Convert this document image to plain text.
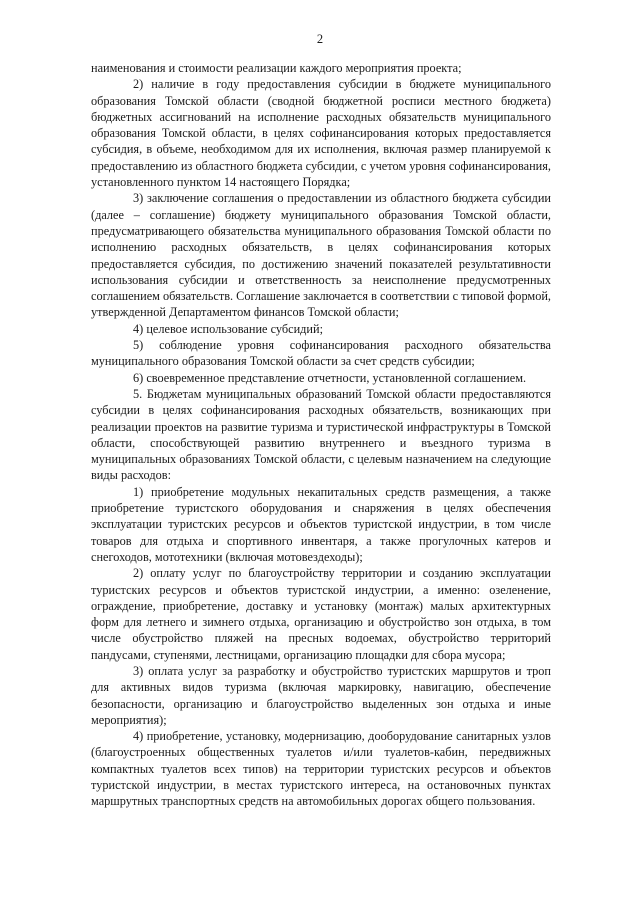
2

наименования и стоимости реализации каждого мероприятия проекта;

2) наличие в году предоставления субсидии в бюджете муниципального образования Томской области (сводной бюджетной росписи местного бюджета) бюджетных ассигнований на исполнение расходных обязательств муниципального образования Томской области, в целях софинансирования которых предоставляется субсидия, в объеме, необходимом для их исполнения, включая размер планируемой к предоставлению из областного бюджета субсидии, с учетом уровня софинансирования, установленного пунктом 14 настоящего Порядка;

3) заключение соглашения о предоставлении из областного бюджета субсидии (далее – соглашение) бюджету муниципального образования Томской области, предусматривающего обязательства муниципального образования Томской области по исполнению расходных обязательств, в целях софинансирования которых предоставляется субсидия, по достижению значений показателей результативности использования субсидии и ответственность за неисполнение предусмотренных соглашением обязательств. Соглашение заключается в соответствии с типовой формой, утвержденной Департаментом финансов Томской области;

4) целевое использование субсидий;

5) соблюдение уровня софинансирования расходного обязательства муниципального образования Томской области за счет средств субсидии;

6) своевременное представление отчетности, установленной соглашением.

5. Бюджетам муниципальных образований Томской области предоставляются субсидии в целях софинансирования расходных обязательств, возникающих при реализации проектов на развитие туризма и туристической инфраструктуры в Томской области, способствующей развитию внутреннего и въездного туризма в муниципальных образованиях Томской области, с целевым назначением на следующие виды расходов:

1) приобретение модульных некапитальных средств размещения, а также приобретение туристского оборудования и снаряжения в целях обеспечения эксплуатации туристских ресурсов и объектов туристской индустрии, в том числе товаров для отдыха и спортивного инвентаря, а также прогулочных катеров и снегоходов, мототехники (включая мотовездеходы);

2) оплату услуг по благоустройству территории и созданию эксплуатации туристских ресурсов и объектов туристской индустрии, а именно: озеленение, ограждение, приобретение, доставку и установку (монтаж) малых архитектурных форм для летнего и зимнего отдыха, организацию и обустройство зон отдыха, в том числе обустройство пляжей на пресных водоемах, обустройство территорий пандусами, ступенями, лестницами, организацию площадки для сбора мусора;

3) оплата услуг за разработку и обустройство туристских маршрутов и троп для активных видов туризма (включая маркировку, навигацию, обеспечение безопасности, организацию и благоустройство выделенных зон отдыха и иные мероприятия);

4) приобретение, установку, модернизацию, дооборудование санитарных узлов (благоустроенных общественных туалетов и/или туалетов-кабин, передвижных компактных туалетов всех типов) на территории туристских ресурсов и объектов туристской индустрии, в местах туристского интереса, на остановочных пунктах маршрутных транспортных средств на автомобильных дорогах общего пользования.
